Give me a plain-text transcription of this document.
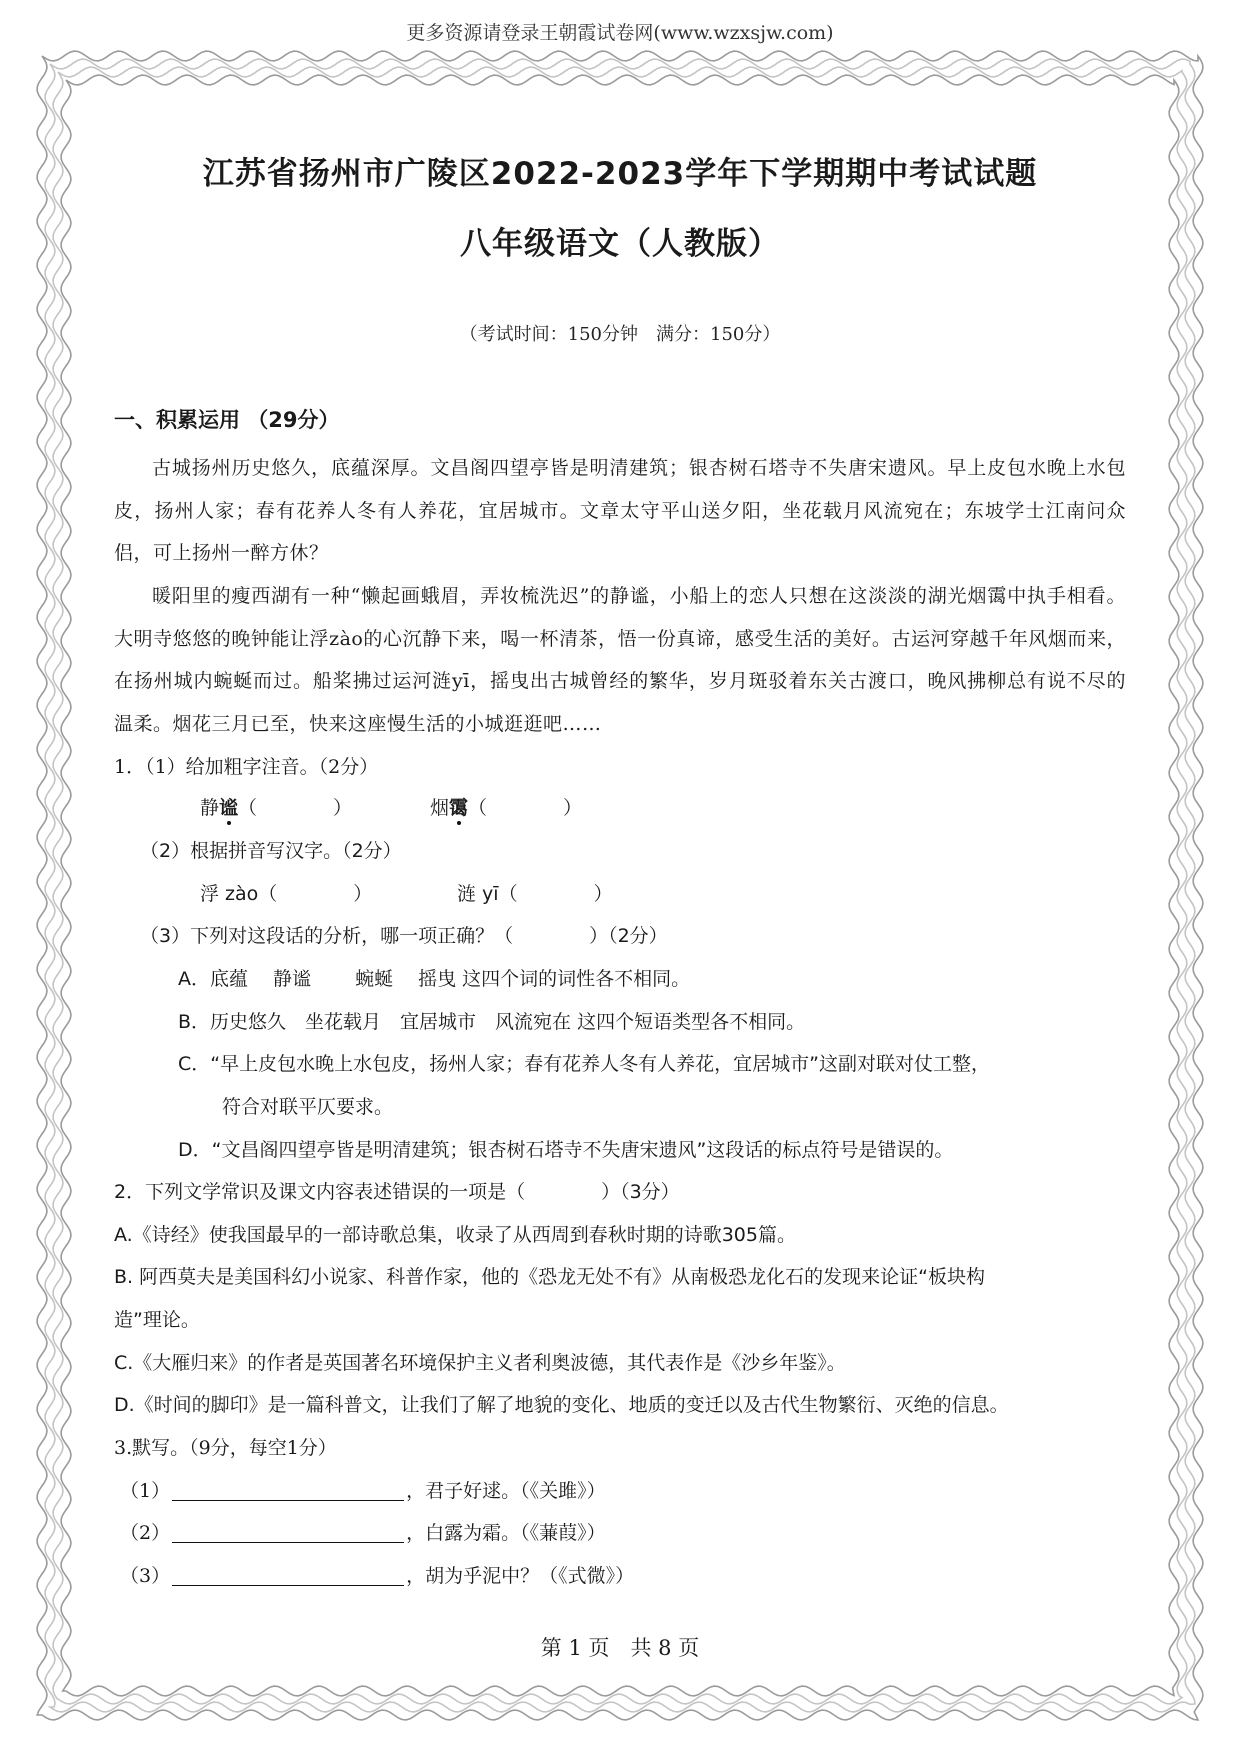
更多资源请登录王朝霞试卷网(www.wzxsjw.com)
江苏省扬州市广陵区2022-2023学年下学期期中考试试题
八年级语文（人教版）
（考试时间：150分钟　满分：150分）
一、积累运用 （29分）
古城扬州历史悠久，底蕴深厚。文昌阁四望亭皆是明清建筑；银杏树石塔寺不失唐宋遗风。早上皮包水晚上水包皮，扬州人家；春有花养人冬有人养花，宜居城市。文章太守平山送夕阳，坐花载月风流宛在；东坡学士江南问众侣，可上扬州一醉方休？
暖阳里的瘦西湖有一种“懒起画蛾眉，弄妆梳洗迟”的静谧，小船上的恋人只想在这淡淡的湖光烟霭中执手相看。大明寺悠悠的晚钟能让浮zào的心沉静下来，喝一杯清茶，悟一份真谛，感受生活的美好。古运河穿越千年风烟而来，在扬州城内蜿蜒而过。船桨拂过运河涟yī，摇曳出古城曾经的繁华，岁月斑驳着东关古渡口，晚风拂柳总有说不尽的温柔。烟花三月已至，快来这座慢生活的小城逛逛吧……
1．（1）给加粗字注音。（2分）
静谧（　　　　）	烟霭（　　　　）
（2）根据拼音写汉字。（2分）
浮 zào（　　　　）	涟 yī（　　　　）
（3）下列对这段话的分析，哪一项正确？（　　　　）（2分）
A．底蕴　 静谧　　 蜿蜒　 摇曳 这四个词的词性各不相同。
B．历史悠久　坐花载月　宜居城市　风流宛在 这四个短语类型各不相同。
C．“早上皮包水晚上水包皮，扬州人家；春有花养人冬有人养花，宜居城市”这副对联对仗工整，
符合对联平仄要求。
D．“文昌阁四望亭皆是明清建筑；银杏树石塔寺不失唐宋遗风”这段话的标点符号是错误的。
2．下列文学常识及课文内容表述错误的一项是（　　　　）（3分）
A.《诗经》使我国最早的一部诗歌总集，收录了从西周到春秋时期的诗歌305篇。
B. 阿西莫夫是美国科幻小说家、科普作家，他的《恐龙无处不有》从南极恐龙化石的发现来论证“板块构
造”理论。
C.《大雁归来》的作者是英国著名环境保护主义者利奥波德，其代表作是《沙乡年鉴》。
D.《时间的脚印》是一篇科普文，让我们了解了地貌的变化、地质的变迁以及古代生物繁衍、灭绝的信息。
3.默写。（9分，每空1分）
（1）	，君子好逑。（《关雎》）
（2）	，白露为霜。（《蒹葭》）
（3）	，胡为乎泥中？（《式微》）
第 1 页　共 8 页
